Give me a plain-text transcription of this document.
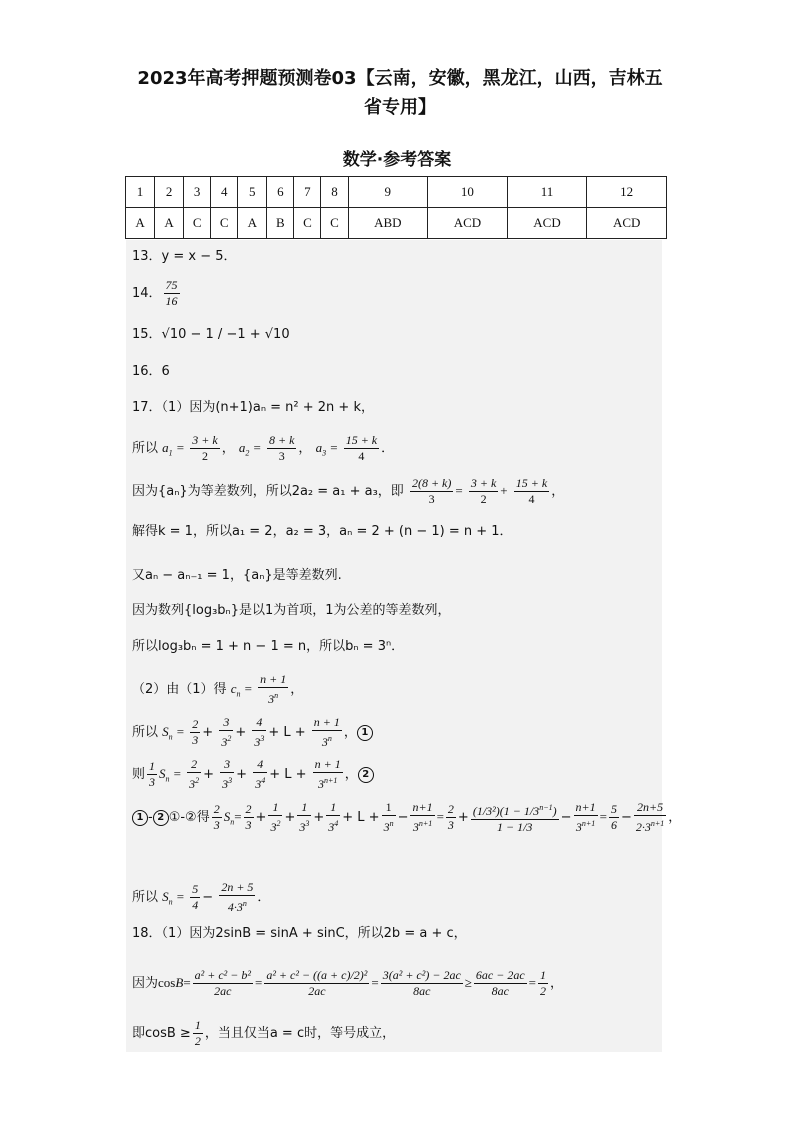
2023年高考押题预测卷03【云南，安徽，黑龙江，山西，吉林五省专用】
数学·参考答案
1	2	3	4	5	6	7	8	9	10	11	12
A	A	C	C	A	B	C	C	ABD	ACD	ACD	ACD
13．y = x − 5．
14． $\frac{75}{16}$
15．√10 − 1 / −1 + √10
16．6
17．（1）因为(n+1)aₙ = n² + 2n + k，
所以 $a_1 = \frac{3 + k}{2}$ ， $a_2 = \frac{8 + k}{3}$ ， $a_3 = \frac{15 + k}{4}$ ．
因为{aₙ}为等差数列，所以2a₂ = a₁ + a₃，即 $\frac{2(8 + k)}{3} = \frac{3 + k}{2} + \frac{15 + k}{4}$ ，
解得k = 1，所以a₁ = 2，a₂ = 3，aₙ = 2 + (n − 1) = n + 1．
又aₙ − aₙ₋₁ = 1，{aₙ}是等差数列.
因为数列{log₃bₙ}是以1为首项，1为公差的等差数列，
所以log₃bₙ = 1 + n − 1 = n，所以bₙ = 3ⁿ．
（2）由（1）得 $c_n = \frac{n + 1}{3^n}$ ，
所以 $S_n = \frac{2}{3} + \frac{3}{3^2} + \frac{4}{3^3} + L + \frac{n + 1}{3^n}$ ， 1
则 $\frac{1}{3} S_n = \frac{2}{3^2} + \frac{3}{3^3} + \frac{4}{3^4} + L + \frac{n + 1}{3^{n+1}}$ ， 2
1 - 2 ①-②得 $\frac{2}{3} S_n= \frac{2}{3} + \frac{1}{3^2} + \frac{1}{3^3} + \frac{1}{3^4} + L + \frac{1}{3^n} - \frac{n+1}{3^{n+1}} = \frac{2}{3} + \frac{(1/3^2)(1 - 1/3^{n-1})}{1 - 1/3} - \frac{n+1}{3^{n+1}} = \frac{5}{6} - \frac{2n+5}{2\cdot 3^{n+1}}$ ，
所以 $S_n = \frac{5}{4} - \frac{2n + 5}{4\cdot 3^n}$ ．
18．（1）因为2sinB = sinA + sinC，所以2b = a + c，
因为$\cos B= \frac{\text{a² + c² − b²}}{2ac} = \frac{\text{a² + c² − ((a + c)/2)²}}{2ac} = \frac{\text{3(a² + c²) − 2ac}}{8ac} \ge \frac{6ac - 2ac}{8ac} = \frac{1}{2}$ ，
即$\cos B \ge \frac{1}{2}$ ，当且仅当a = c时，等号成立，
